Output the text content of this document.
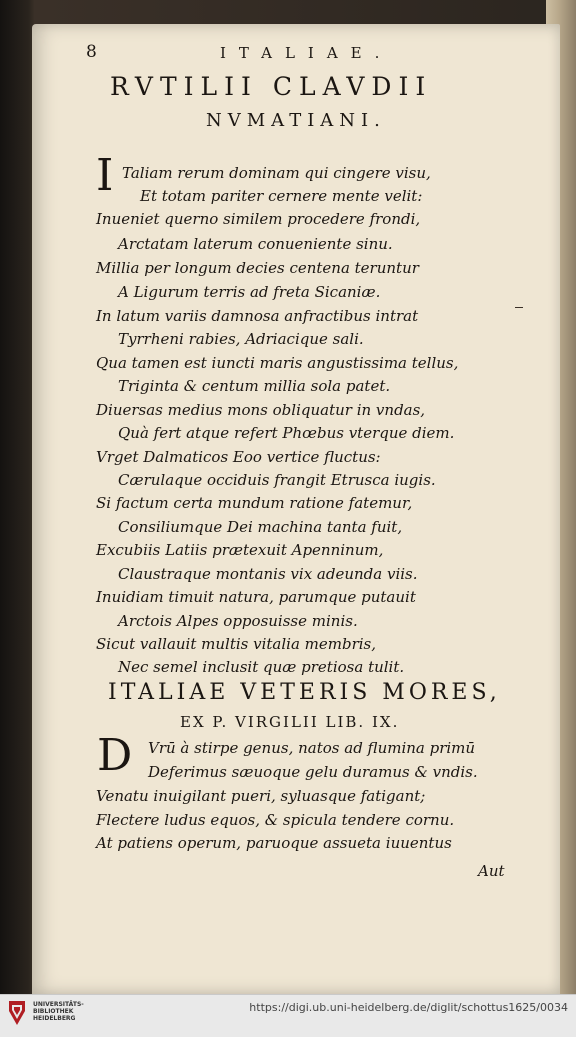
8	ITALIAE.
RVTILII CLAVDII
NVMATIANI.
I Taliam rerum dominam qui cingere visu,
Et totam pariter cernere mente velit:
Inueniet querno similem procedere frondi,
Arctatam laterum conueniente sinu.
Millia per longum decies centena teruntur
A Ligurum terris ad freta Sicaniæ.
In latum variis damnosa anfractibus intrat
Tyrrheni rabies, Adriacique sali.
Qua tamen est iuncti maris angustissima tellus,
Triginta & centum millia sola patet.
Diuersas medius mons obliquatur in vndas,
Quà fert atque refert Phœbus vterque diem.
Vrget Dalmaticos Eoo vertice fluctus:
Cærulaque occiduis frangit Etrusca iugis.
Si factum certa mundum ratione fatemur,
Consiliumque Dei machina tanta fuit,
Excubiis Latiis prætexuit Apenninum,
Claustraque montanis vix adeunda viis.
Inuidiam timuit natura, parumque putauit
Arctois Alpes opposuisse minis.
Sicut vallauit multis vitalia membris,
Nec semel inclusit quæ pretiosa tulit.
ITALIAE VETERIS MORES,
EX P. VIRGILII LIB. IX.
D Vrū à stirpe genus, natos ad flumina primū
Deferimus sæuoque gelu duramus & vndis.
Venatu inuigilant pueri, syluasque fatigant;
Flectere ludus equos, & spicula tendere cornu.
At patiens operum, paruoque assueta iuuentus
Aut
UNIVERSITÄTS-
BIBLIOTHEK
HEIDELBERG
https://digi.ub.uni-heidelberg.de/diglit/schottus1625/0034
